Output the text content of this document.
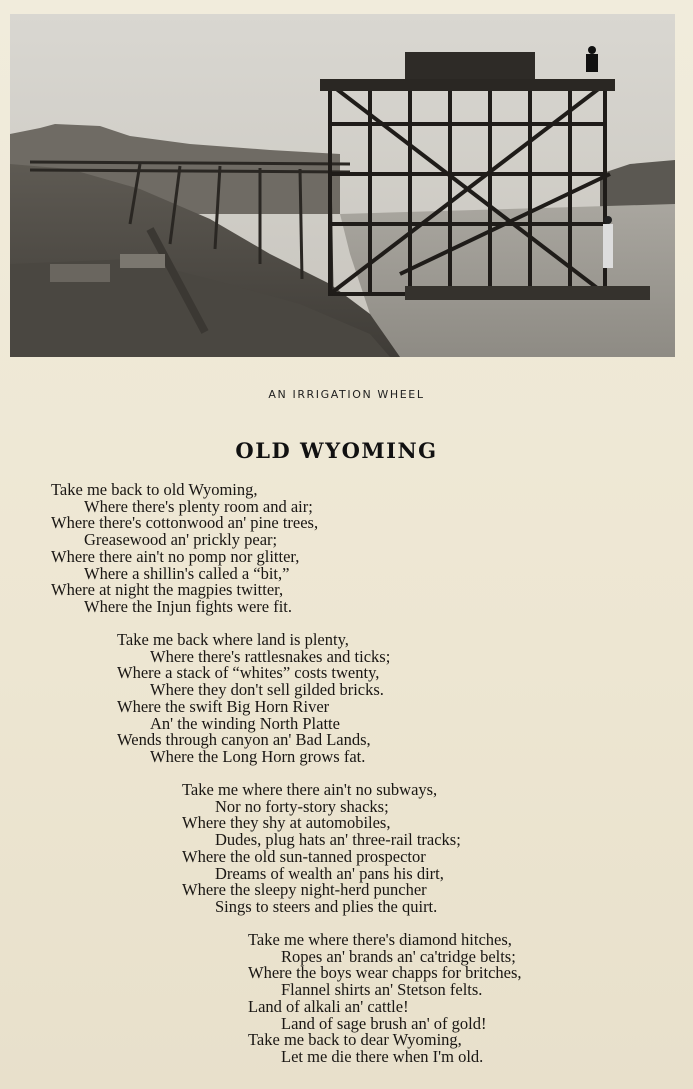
AN IRRIGATION WHEEL
OLD WYOMING
Take me back to old Wyoming,
Where there's plenty room and air;
Where there's cottonwood an' pine trees,
Greasewood an' prickly pear;
Where there ain't no pomp nor glitter,
Where a shillin's called a “bit,”
Where at night the magpies twitter,
Where the Injun fights were fit.
Take me back where land is plenty,
Where there's rattlesnakes and ticks;
Where a stack of “whites” costs twenty,
Where they don't sell gilded bricks.
Where the swift Big Horn River
An' the winding North Platte
Wends through canyon an' Bad Lands,
Where the Long Horn grows fat.
Take me where there ain't no subways,
Nor no forty-story shacks;
Where they shy at automobiles,
Dudes, plug hats an' three-rail tracks;
Where the old sun-tanned prospector
Dreams of wealth an' pans his dirt,
Where the sleepy night-herd puncher
Sings to steers and plies the quirt.
Take me where there's diamond hitches,
Ropes an' brands an' ca'tridge belts;
Where the boys wear chapps for britches,
Flannel shirts an' Stetson felts.
Land of alkali an' cattle!
Land of sage brush an' of gold!
Take me back to dear Wyoming,
Let me die there when I'm old.
